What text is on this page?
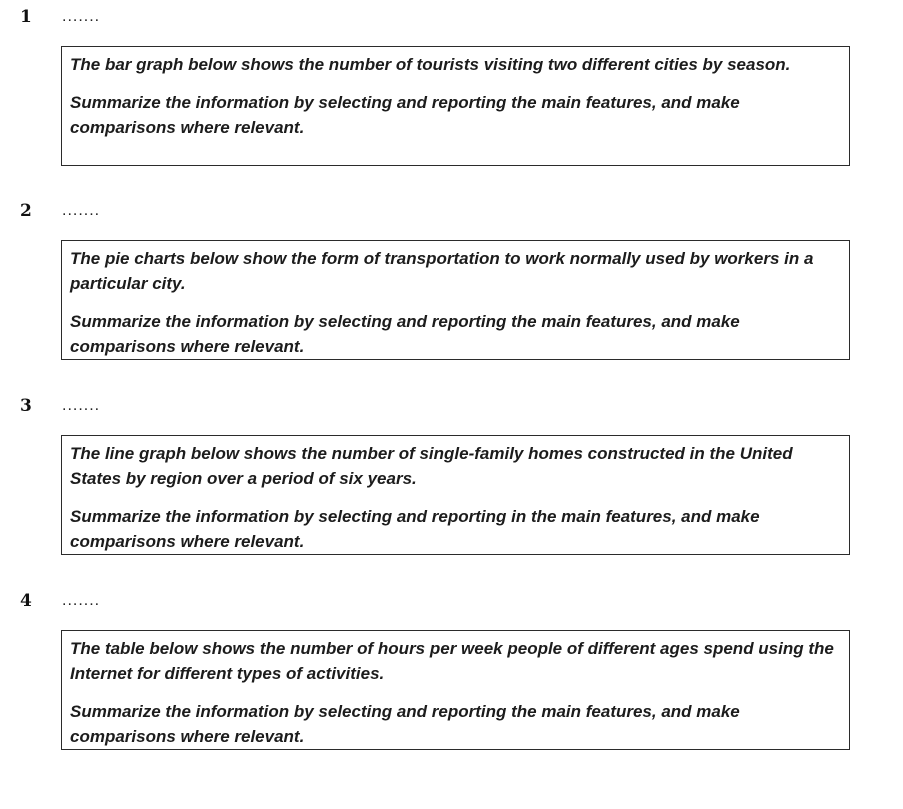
1 .......

The bar graph below shows the number of tourists visiting two different cities by season.

Summarize the information by selecting and reporting the main features, and make comparisons where relevant.

2 .......

The pie charts below show the form of transportation to work normally used by workers in a particular city.

Summarize the information by selecting and reporting the main features, and make comparisons where relevant.

3 .......

The line graph below shows the number of single-family homes constructed in the United States by region over a period of six years.

Summarize the information by selecting and reporting in the main features, and make comparisons where relevant.

4 .......

The table below shows the number of hours per week people of different ages spend using the Internet for different types of activities.

Summarize the information by selecting and reporting the main features, and make comparisons where relevant.
